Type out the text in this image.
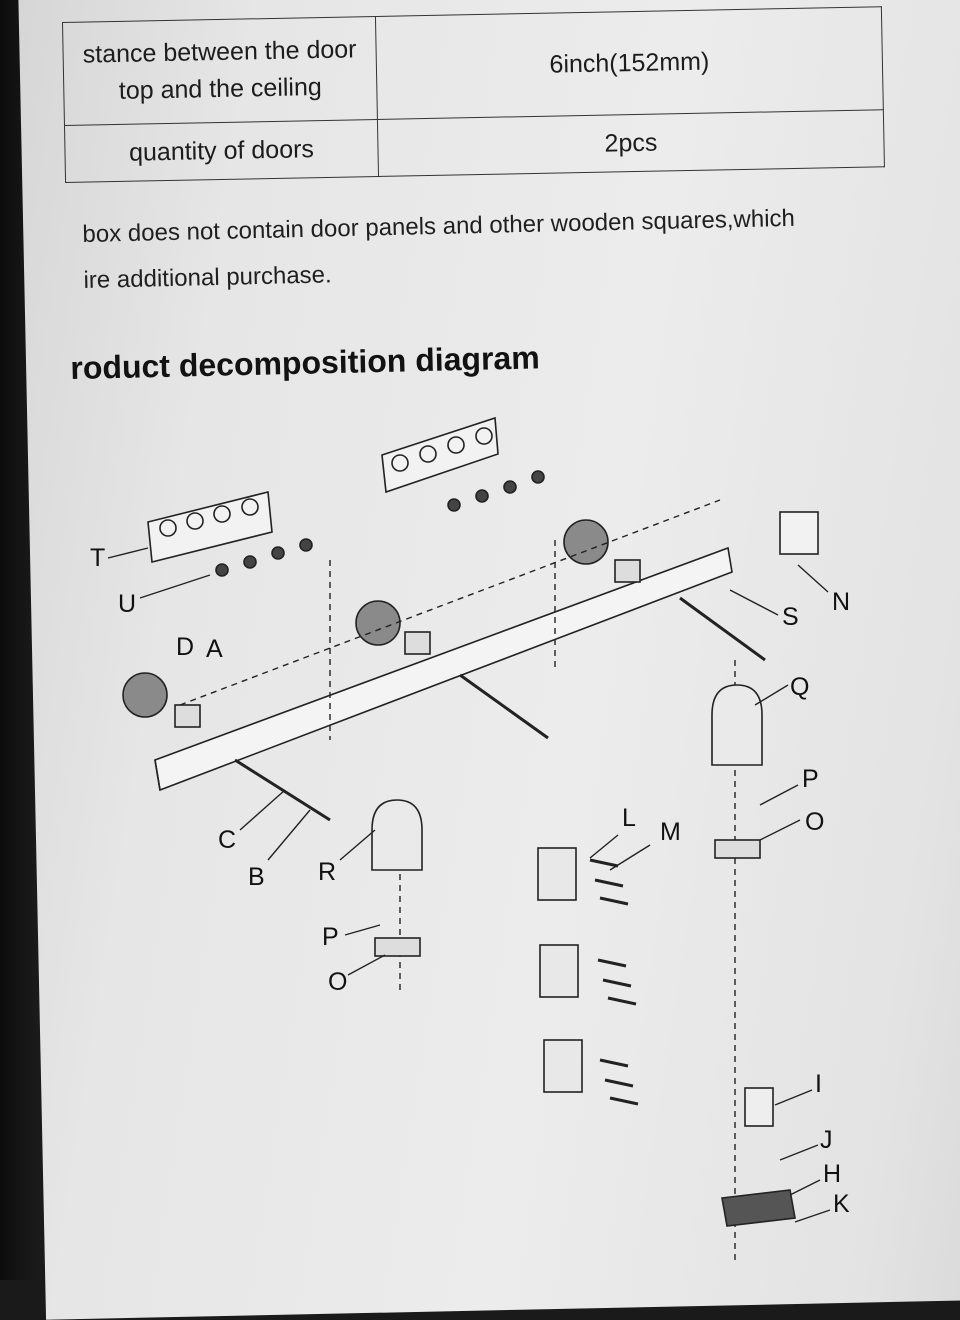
stance between the door
top and the ceiling	6inch(152mm)

quantity of doors	2pcs
box does not contain door panels and other wooden squares,which
ire additional purchase.
roduct decomposition diagram
T
U
D A
C
B R
P
O
L M
S
N
Q
P
O
I
J
H
K
